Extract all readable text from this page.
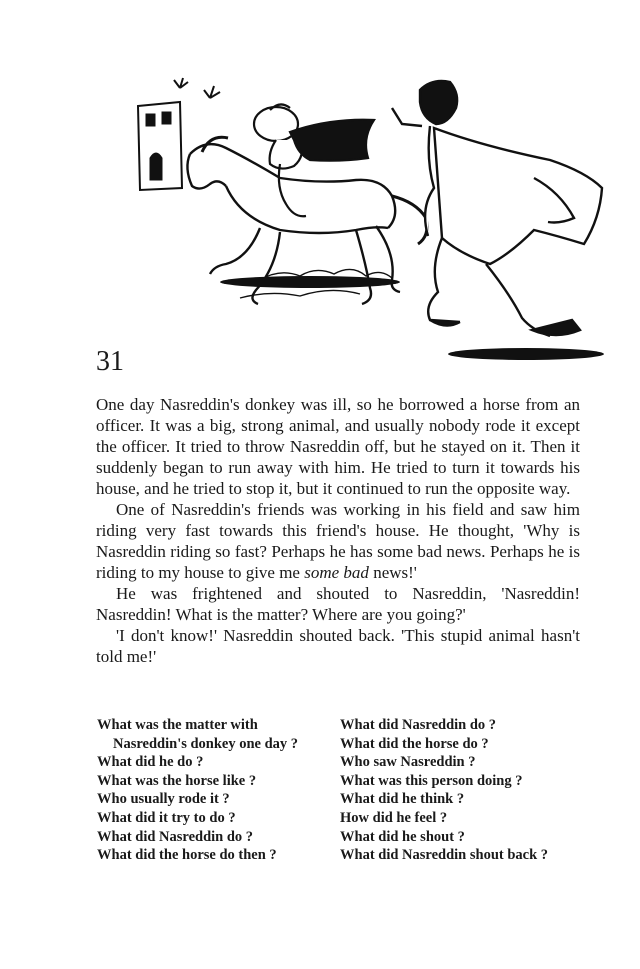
31

One day Nasreddin's donkey was ill, so he borrowed a horse from an officer. It was a big, strong animal, and usually nobody rode it except the officer. It tried to throw Nasreddin off, but he stayed on it. Then it suddenly began to run away with him. He tried to turn it towards his house, and he tried to stop it, but it continued to run the opposite way.

One of Nasreddin's friends was working in his field and saw him riding very fast towards this friend's house. He thought, 'Why is Nasreddin riding so fast? Perhaps he has some bad news. Perhaps he is riding to my house to give me some bad news!'

He was frightened and shouted to Nasreddin, 'Nasreddin! Nasreddin! What is the matter? Where are you going?'

'I don't know!' Nasreddin shouted back. 'This stupid animal hasn't told me!'

What was the matter with Nasreddin's donkey one day ?
What did he do ?
What was the horse like ?
Who usually rode it ?
What did it try to do ?
What did Nasreddin do ?
What did the horse do then ?
What did Nasreddin do ?
What did the horse do ?
Who saw Nasreddin ?
What was this person doing ?
What did he think ?
How did he feel ?
What did he shout ?
What did Nasreddin shout back ?
